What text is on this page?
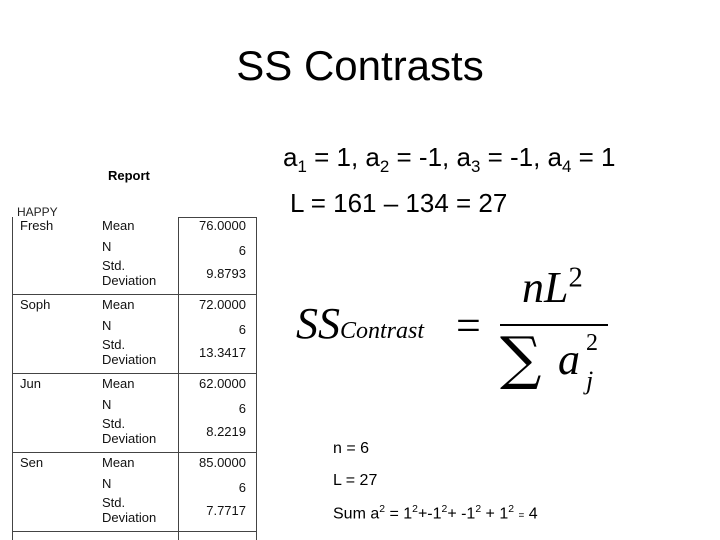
SS Contrasts
$a_1 = 1$, $a_2 = -1$, $a_3 = -1$, $a_4 = 1$
L = 161 – 134 = 27
Report
HAPPY
Fresh	Mean	76.0000
N	6
Std.
Deviation	9.8793
Soph	Mean	72.0000
N	6
Std.
Deviation	13.3417
Jun	Mean	62.0000
N	6
Std.
Deviation	8.2219
Sen	Mean	85.0000
N	6
Std.
Deviation	7.7717
SSContrast =
$nL^2$
∑ a 2
j
n = 6
L = 27
Sum $a^2 = 1^2+-1^2+ -1^2 + 1^2 = 4$
